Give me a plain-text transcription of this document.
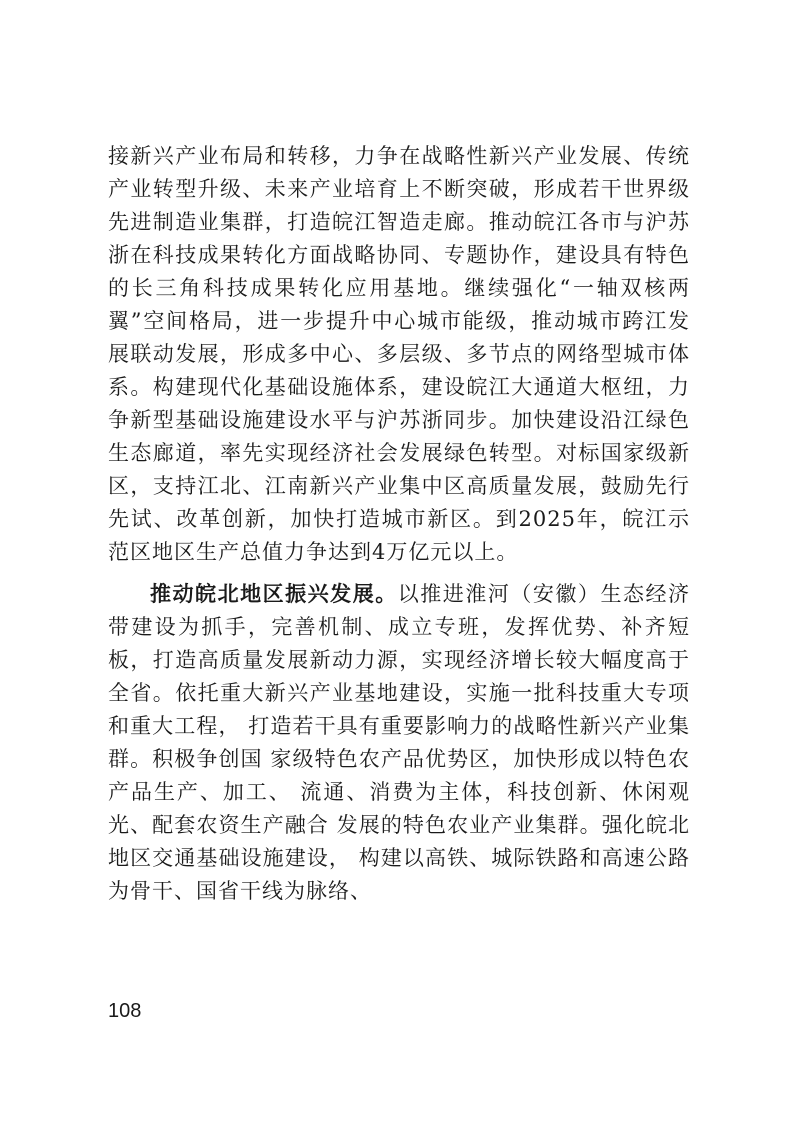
接新兴产业布局和转移，力争在战略性新兴产业发展、传统产业转型升级、未来产业培育上不断突破，形成若干世界级先进制造业集群，打造皖江智造走廊。推动皖江各市与沪苏浙在科技成果转化方面战略协同、专题协作，建设具有特色的长三角科技成果转化应用基地。继续强化“一轴双核两翼”空间格局，进一步提升中心城市能级，推动城市跨江发展联动发展，形成多中心、多层级、多节点的网络型城市体系。构建现代化基础设施体系，建设皖江大通道大枢纽，力争新型基础设施建设水平与沪苏浙同步。加快建设沿江绿色生态廊道，率先实现经济社会发展绿色转型。对标国家级新区，支持江北、江南新兴产业集中区高质量发展，鼓励先行先试、改革创新，加快打造城市新区。到2025年，皖江示范区地区生产总值力争达到4万亿元以上。

推动皖北地区振兴发展。以推进淮河（安徽）生态经济带建设为抓手，完善机制、成立专班，发挥优势、补齐短板，打造高质量发展新动力源，实现经济增长较大幅度高于全省。依托重大新兴产业基地建设，实施一批科技重大专项和重大工程， 打造若干具有重要影响力的战略性新兴产业集群。积极争创国 家级特色农产品优势区，加快形成以特色农产品生产、加工、 流通、消费为主体，科技创新、休闲观光、配套农资生产融合 发展的特色农业产业集群。强化皖北地区交通基础设施建设， 构建以高铁、城际铁路和高速公路为骨干、国省干线为脉络、

108
